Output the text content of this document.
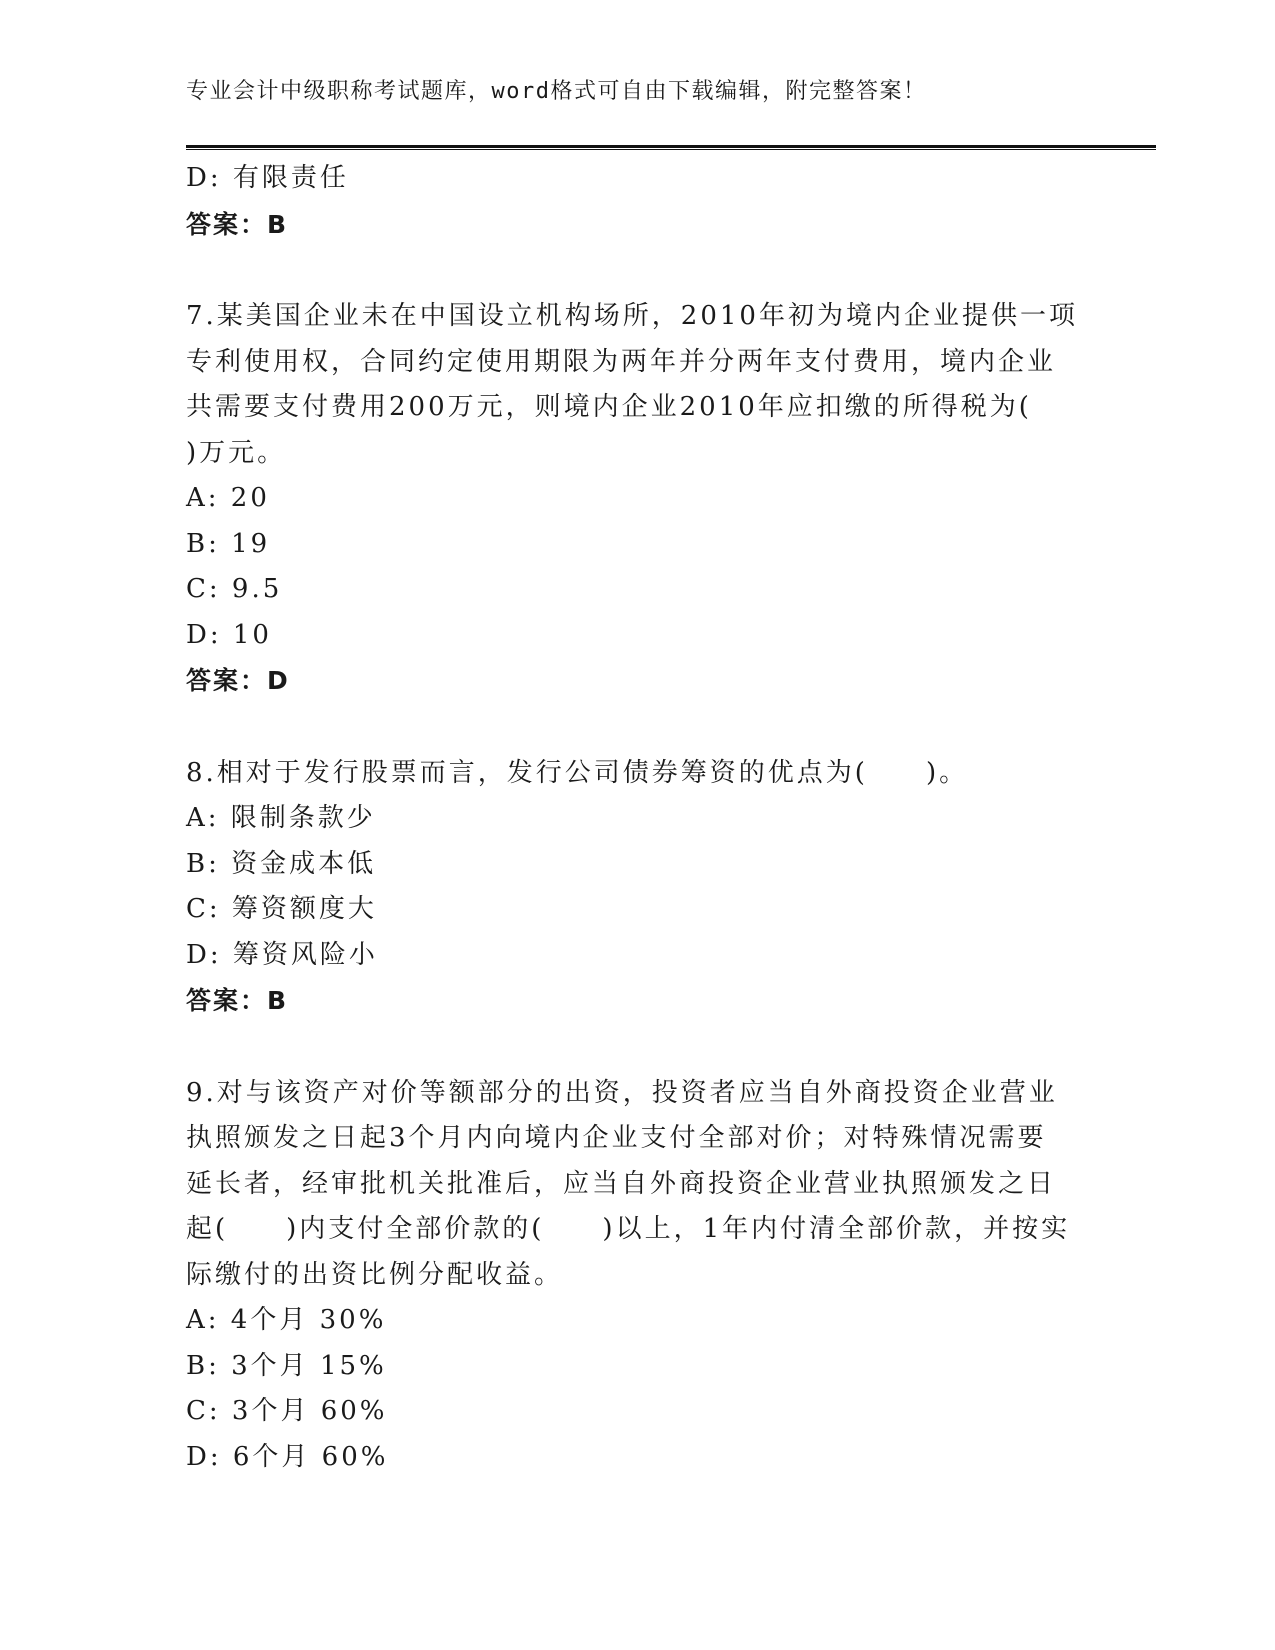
专业会计中级职称考试题库，word格式可自由下载编辑，附完整答案！
D: 有限责任
答案：B
7.某美国企业未在中国设立机构场所，2010年初为境内企业提供一项
专利使用权，合同约定使用期限为两年并分两年支付费用，境内企业
共需要支付费用200万元，则境内企业2010年应扣缴的所得税为(
)万元。
A: 20
B: 19
C: 9.5
D: 10
答案：D
8.相对于发行股票而言，发行公司债券筹资的优点为(　　)。
A: 限制条款少
B: 资金成本低
C: 筹资额度大
D: 筹资风险小
答案：B
9.对与该资产对价等额部分的出资，投资者应当自外商投资企业营业
执照颁发之日起3个月内向境内企业支付全部对价；对特殊情况需要
延长者，经审批机关批准后，应当自外商投资企业营业执照颁发之日
起(　　)内支付全部价款的(　　)以上，1年内付清全部价款，并按实
际缴付的出资比例分配收益。
A: 4个月 30%
B: 3个月 15%
C: 3个月 60%
D: 6个月 60%
